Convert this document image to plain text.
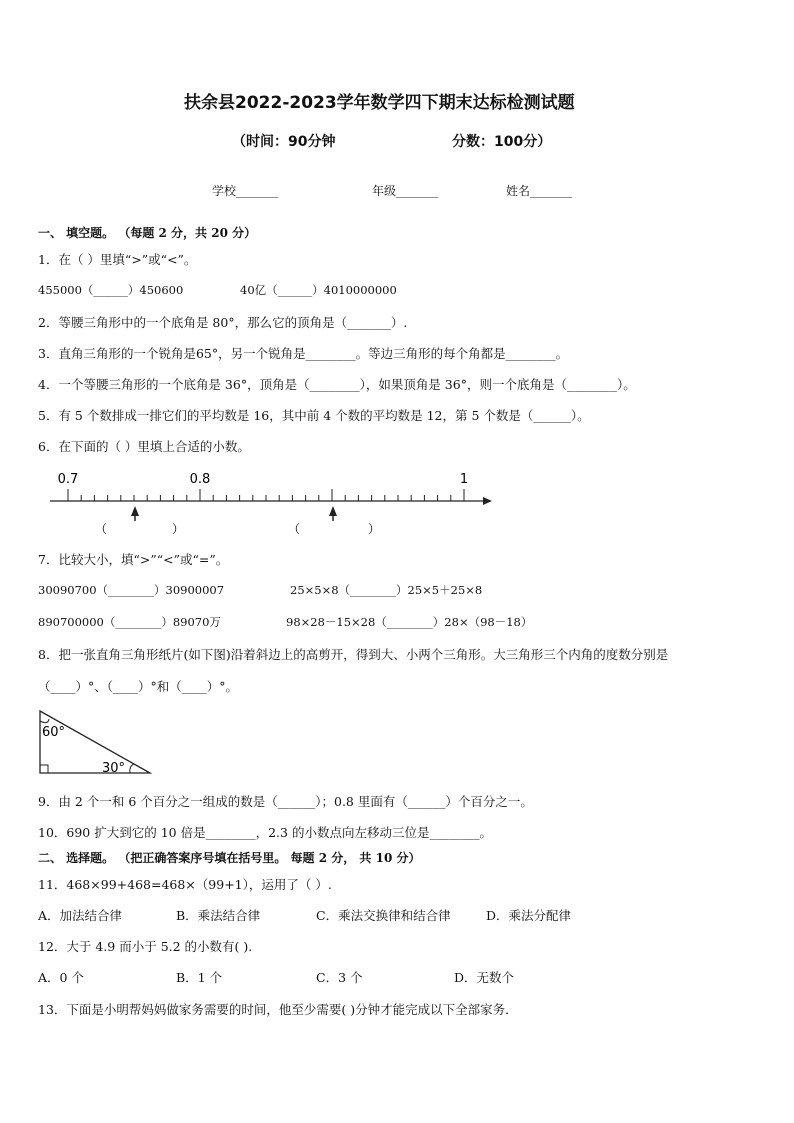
扶余县2022-2023学年数学四下期末达标检测试题
（时间：90分钟	分数：100分）
学校_______	年级_______	姓名_______
一、 填空题。 （每题 2 分，共 20 分）
1．在（ ）里填“>”或“<”。
455000（______）450600	40亿（______）4010000000
2．等腰三角形中的一个底角是 80°，那么它的顶角是（_______）.
3．直角三角形的一个锐角是65°，另一个锐角是________。等边三角形的每个角都是________。
4．一个等腰三角形的一个底角是 36°，顶角是（________），如果顶角是 36°，则一个底角是（________）。
5．有 5 个数排成一排它们的平均数是 16，其中前 4 个数的平均数是 12，第 5 个数是（______）。
6．在下面的（ ）里填上合适的小数。
0.7	0.8	1
（	）	（	）
7．比较大小，填“>”“<”或“=”。
30090700（________）30900007	25×5×8（________）25×5＋25×8
890700000（________）89070万	98×28－15×28（________）28×（98－18）
8．把一张直角三角形纸片(如下图)沿着斜边上的高剪开，得到大、小两个三角形。大三角形三个内角的度数分别是
（____）°、（____）°和（____）°。
60°
30°
9．由 2 个一和 6 个百分之一组成的数是（______）；0.8 里面有（______）个百分之一。
10．690 扩大到它的 10 倍是________，2.3 的小数点向左移动三位是________。
二、 选择题。 （把正确答案序号填在括号里。 每题 2 分， 共 10 分）
11．468×99+468=468×（99+1），运用了（ ）.
A．加法结合律	B．乘法结合律	C．乘法交换律和结合律	D．乘法分配律
12．大于 4.9 而小于 5.2 的小数有( ).
A．0 个	B．1 个	C．3 个	D．无数个
13．下面是小明帮妈妈做家务需要的时间，他至少需要( )分钟才能完成以下全部家务．
